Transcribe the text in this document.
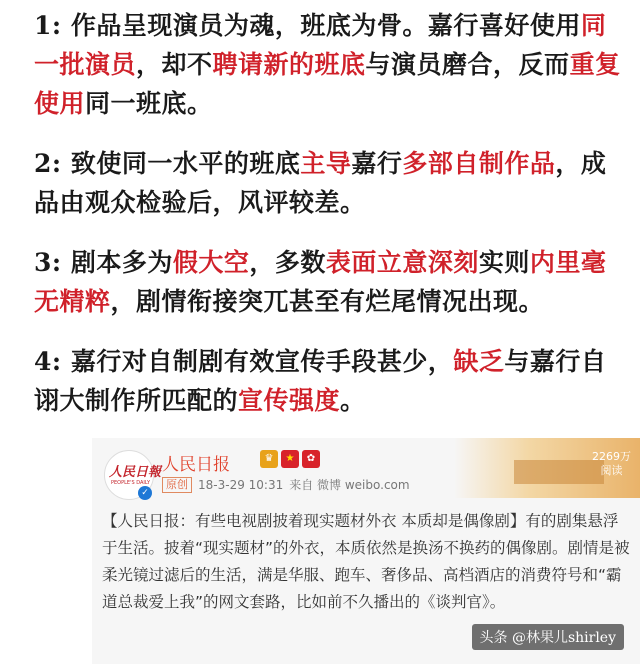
1: 作品呈现演员为魂，班底为骨。嘉行喜好使用同一批演员，却不聘请新的班底与演员磨合，反而重复使用同一班底。
2: 致使同一水平的班底主导嘉行多部自制作品，成品由观众检验后，风评较差。
3: 剧本多为假大空，多数表面立意深刻实则内里毫无精粹，剧情衔接突兀甚至有烂尾情况出现。
4: 嘉行对自制剧有效宣传手段甚少，缺乏与嘉行自诩大制作所匹配的宣传强度。
人民日報
PEOPLE'S DAILY
✓
人民日报	♛	★	✿
原创 18-3-29 10:31 来自 微博 weibo.com
2269万
阅读
【人民日报：有些电视剧披着现实题材外衣 本质却是偶像剧】有的剧集悬浮于生活。披着“现实题材”的外衣，本质依然是换汤不换药的偶像剧。剧情是被柔光镜过滤后的生活，满是华服、跑车、奢侈品、高档酒店的消费符号和“霸道总裁爱上我”的网文套路，比如前不久播出的《谈判官》。
头条 @林果儿shirley
